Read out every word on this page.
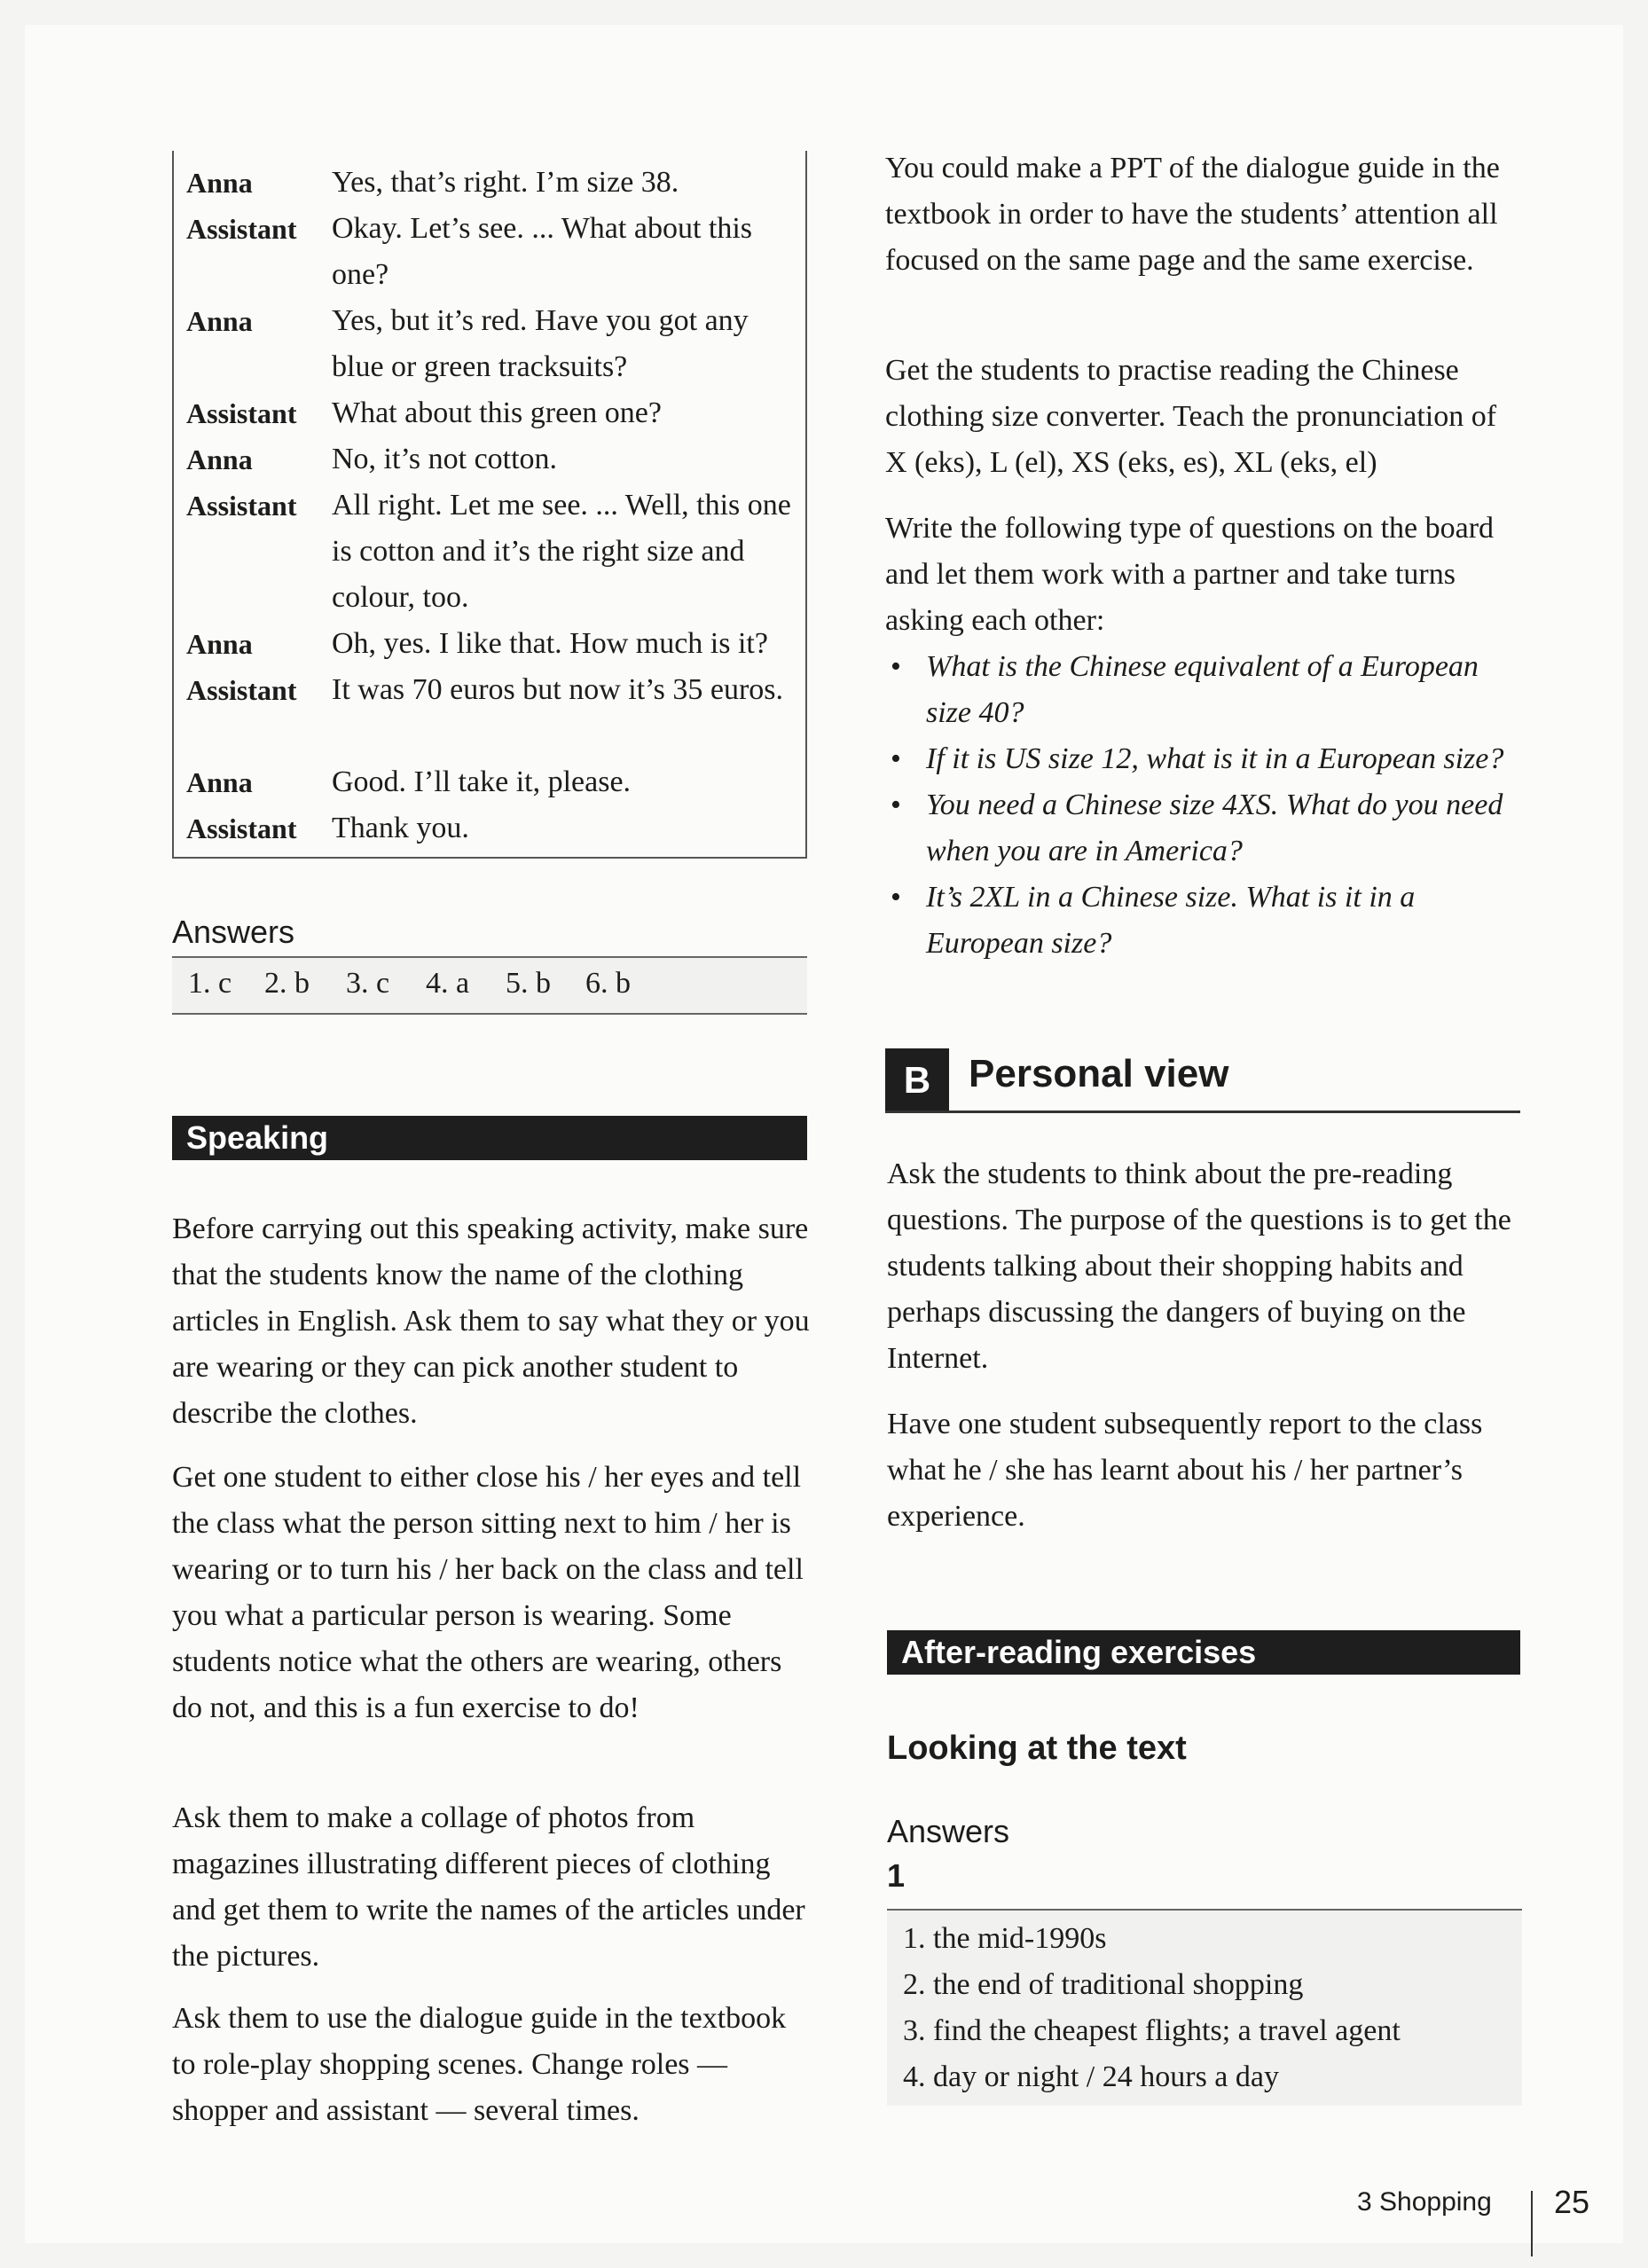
Anna	Yes, that’s right. I’m size 38.
Assistant Okay. Let’s see. ... What about this one?
Anna	Yes, but it’s red. Have you got any blue or green tracksuits?
Assistant What about this green one?
Anna	No, it’s not cotton.
Assistant All right. Let me see. ... Well, this one is cotton and it’s the right size and colour, too.
Anna	Oh, yes. I like that. How much is it?
Assistant It was 70 euros but now it’s 35 euros.
Anna	Good. I’ll take it, please.
Assistant Thank you.
Answers
1. c 2. b 3. c 4. a 5. b 6. b
Speaking
Before carrying out this speaking activity, make sure that the students know the name of the clothing articles in English. Ask them to say what they or you are wearing or they can pick another student to describe the clothes.
Get one student to either close his / her eyes and tell the class what the person sitting next to him / her is wearing or to turn his / her back on the class and tell you what a particular person is wearing. Some students notice what the others are wearing, others do not, and this is a fun exercise to do!
Ask them to make a collage of photos from magazines illustrating different pieces of clothing and get them to write the names of the articles under the pictures.
Ask them to use the dialogue guide in the textbook to role-play shopping scenes. Change roles — shopper and assistant — several times.
You could make a PPT of the dialogue guide in the textbook in order to have the students’ attention all focused on the same page and the same exercise.
Get the students to practise reading the Chinese clothing size converter. Teach the pronunciation of X (eks), L (el), XS (eks, es), XL (eks, el)
Write the following type of questions on the board and let them work with a partner and take turns asking each other:
• What is the Chinese equivalent of a European size 40?
• If it is US size 12, what is it in a European size?
• You need a Chinese size 4XS. What do you need when you are in America?
• It’s 2XL in a Chinese size. What is it in a European size?
B Personal view
Ask the students to think about the pre-reading questions. The purpose of the questions is to get the students talking about their shopping habits and perhaps discussing the dangers of buying on the Internet.
Have one student subsequently report to the class what he / she has learnt about his / her partner’s experience.
After-reading exercises
Looking at the text
Answers
1
1. the mid-1990s
2. the end of traditional shopping
3. find the cheapest flights; a travel agent
4. day or night / 24 hours a day
3 Shopping 25
